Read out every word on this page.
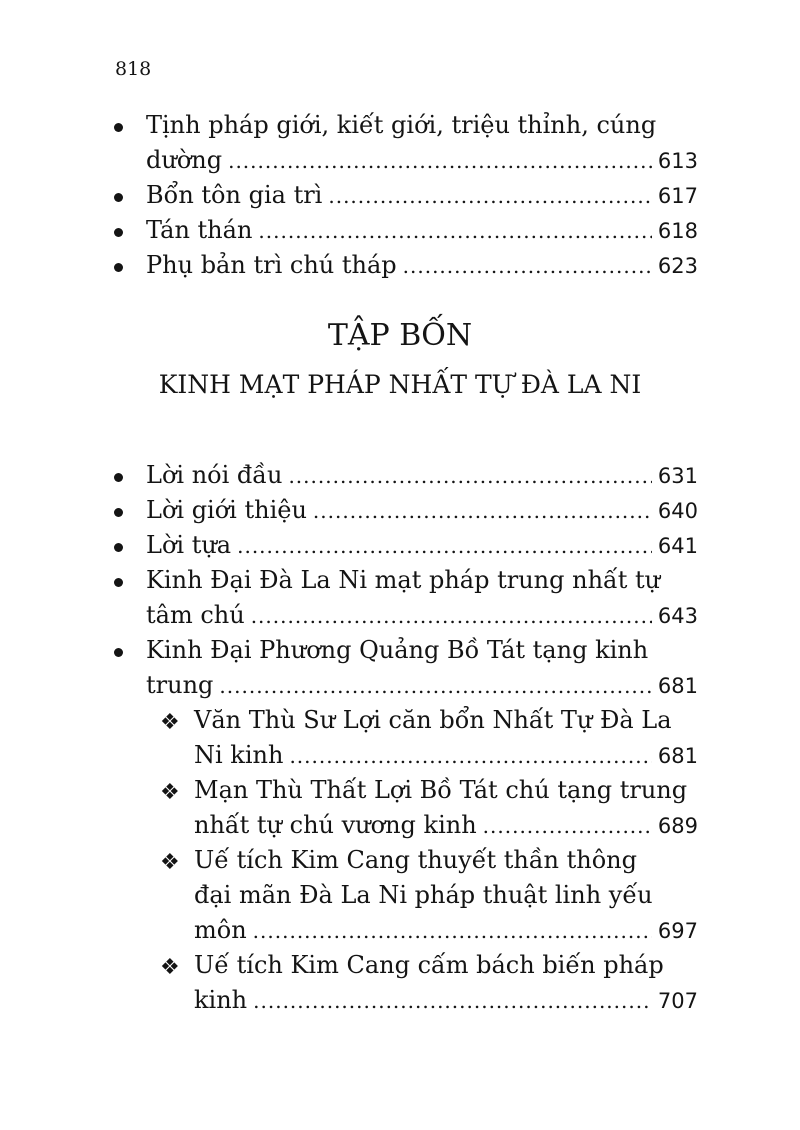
818
Tịnh pháp giới, kiết giới, triệu thỉnh, cúng
dường .....	613
Bổn tôn gia trì .....	617
Tán thán .....	618
Phụ bản trì chú tháp .....	623
TẬP BỐN
KINH MẠT PHÁP NHẤT TỰ ĐÀ LA NI
Lời nói đầu .....	631
Lời giới thiệu .....	640
Lời tựa .....	641
Kinh Đại Đà La Ni mạt pháp trung nhất tự
tâm chú .....	643
Kinh Đại Phương Quảng Bồ Tát tạng kinh
trung .....	681
❖ Văn Thù Sư Lợi căn bổn Nhất Tự Đà La
Ni kinh .....	681
❖ Mạn Thù Thất Lợi Bồ Tát chú tạng trung
nhất tự chú vương kinh .....	689
❖ Uế tích Kim Cang thuyết thần thông
đại mãn Đà La Ni pháp thuật linh yếu
môn .....	697
❖ Uế tích Kim Cang cấm bách biến pháp
kinh .....	707
